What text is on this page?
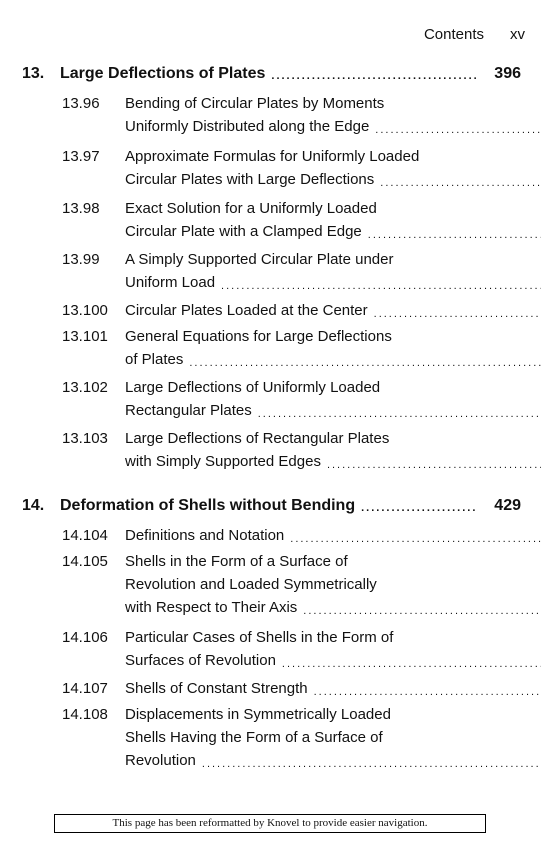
Contents xv
13. Large Deflections of Plates .....	396
13.96	Bending of Circular Plates by Moments
Uniformly Distributed along the Edge
.....
13.97	Approximate Formulas for Uniformly Loaded
Circular Plates with Large Deflections
.....
13.98	Exact Solution for a Uniformly Loaded
Circular Plate with a Clamped Edge
.....
13.99	A Simply Supported Circular Plate under
Uniform Load
.....
13.100	Circular Plates Loaded at the Center
.....
13.101	General Equations for Large Deflections
of Plates
.....
13.102	Large Deflections of Uniformly Loaded
Rectangular Plates
.....
13.103	Large Deflections of Rectangular Plates
with Simply Supported Edges
.....
14. Deformation of Shells without Bending .....	429
14.104	Definitions and Notation
.....
14.105	Shells in the Form of a Surface of
Revolution and Loaded Symmetrically
with Respect to Their Axis
.....
14.106	Particular Cases of Shells in the Form of
Surfaces of Revolution
.....
14.107	Shells of Constant Strength
.....
14.108	Displacements in Symmetrically Loaded
Shells Having the Form of a Surface of
Revolution
.....
This page has been reformatted by Knovel to provide easier navigation.
